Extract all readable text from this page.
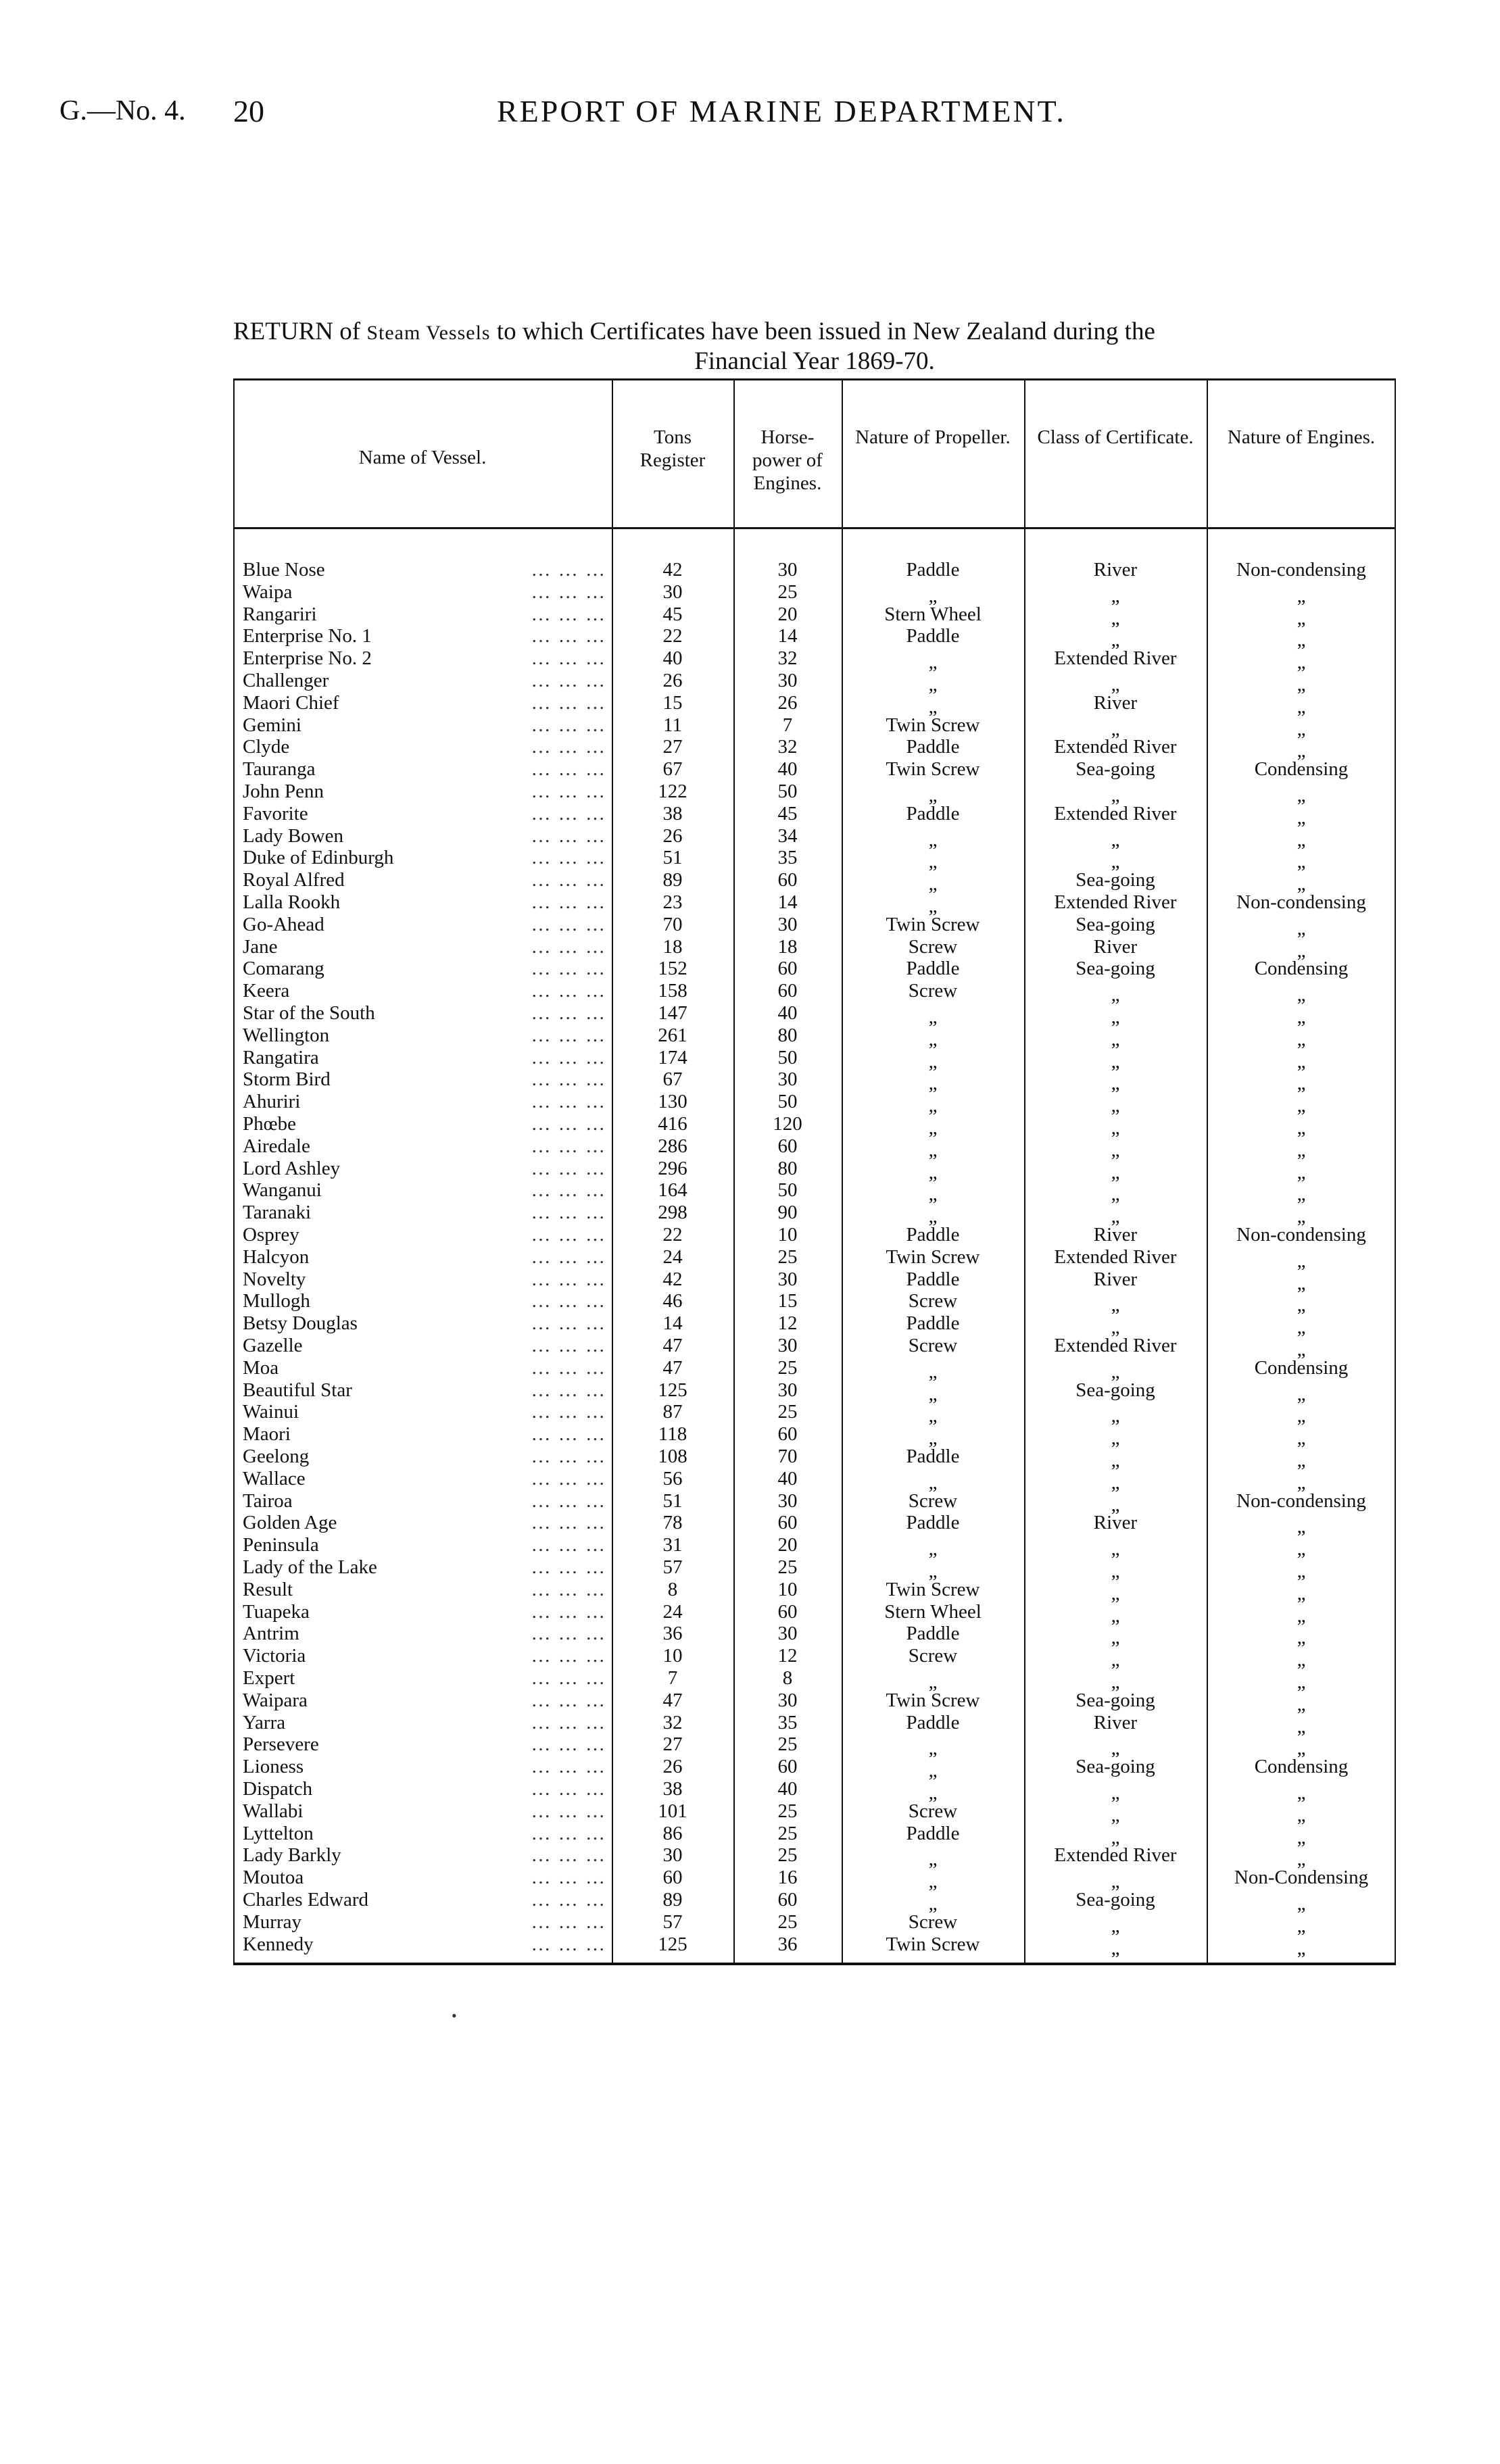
G.—No. 4. 20	REPORT OF MARINE DEPARTMENT.
RETURN of Steam Vessels to which Certificates have been issued in New Zealand during the
Financial Year 1869-70.
Name of Vessel.
Tons Register
Horse-power of Engines.
Nature of Propeller.	Class of Certificate.	Nature of Engines.
Blue Nose	… … …	42	30	Paddle	River	Non-condensing
Waipa	… … …	30	25	„	„	„
Rangariri	… … …	45	20	Stern Wheel	„	„
Enterprise No. 1	… … …	22	14	Paddle	„	„
Enterprise No. 2	… … …	40	32	„	Extended River	„
Challenger	… … …	26	30	„	„	„
Maori Chief	… … …	15	26	„	River	„
Gemini	… … …	11	7	Twin Screw	„	„
Clyde	… … …	27	32	Paddle	Extended River	„
Tauranga	… … …	67	40	Twin Screw	Sea-going	Condensing
John Penn	… … …	122	50	„	„	„
Favorite	… … …	38	45	Paddle	Extended River	„
Lady Bowen	… … …	26	34	„	„	„
Duke of Edinburgh	… … …	51	35	„	„	„
Royal Alfred	… … …	89	60	„	Sea-going	„
Lalla Rookh	… … …	23	14	„	Extended River	Non-condensing
Go-Ahead	… … …	70	30	Twin Screw	Sea-going	„
Jane	… … …	18	18	Screw	River	„
Comarang	… … …	152	60	Paddle	Sea-going	Condensing
Keera	… … …	158	60	Screw	„	„
Star of the South	… … …	147	40	„	„	„
Wellington	… … …	261	80	„	„	„
Rangatira	… … …	174	50	„	„	„
Storm Bird	… … …	67	30	„	„	„
Ahuriri	… … …	130	50	„	„	„
Phœbe	… … …	416	120	„	„	„
Airedale	… … …	286	60	„	„	„
Lord Ashley	… … …	296	80	„	„	„
Wanganui	… … …	164	50	„	„	„
Taranaki	… … …	298	90	„	„	„
Osprey	… … …	22	10	Paddle	River	Non-condensing
Halcyon	… … …	24	25	Twin Screw	Extended River	„
Novelty	… … …	42	30	Paddle	River	„
Mullogh	… … …	46	15	Screw	„	„
Betsy Douglas	… … …	14	12	Paddle	„	„
Gazelle	… … …	47	30	Screw	Extended River	„
Moa	… … …	47	25	„	„	Condensing
Beautiful Star	… … …	125	30	„	Sea-going	„
Wainui	… … …	87	25	„	„	„
Maori	… … …	118	60	„	„	„
Geelong	… … …	108	70	Paddle	„	„
Wallace	… … …	56	40	„	„	„
Tairoa	… … …	51	30	Screw	„	Non-condensing
Golden Age	… … …	78	60	Paddle	River	„
Peninsula	… … …	31	20	„	„	„
Lady of the Lake	… … …	57	25	„	„	„
Result	… … …	8	10	Twin Screw	„	„
Tuapeka	… … …	24	60	Stern Wheel	„	„
Antrim	… … …	36	30	Paddle	„	„
Victoria	… … …	10	12	Screw	„	„
Expert	… … …	7	8	„	„	„
Waipara	… … …	47	30	Twin Screw	Sea-going	„
Yarra	… … …	32	35	Paddle	River	„
Persevere	… … …	27	25	„	„	„
Lioness	… … …	26	60	„	Sea-going	Condensing
Dispatch	… … …	38	40	„	„	„
Wallabi	… … …	101	25	Screw	„	„
Lyttelton	… … …	86	25	Paddle	„	„
Lady Barkly	… … …	30	25	„	Extended River	„
Moutoa	… … …	60	16	„	„	Non-Condensing
Charles Edward	… … …	89	60	„	Sea-going	„
Murray	… … …	57	25	Screw	„	„
Kennedy	… … …	125	36	Twin Screw	„	„
•
